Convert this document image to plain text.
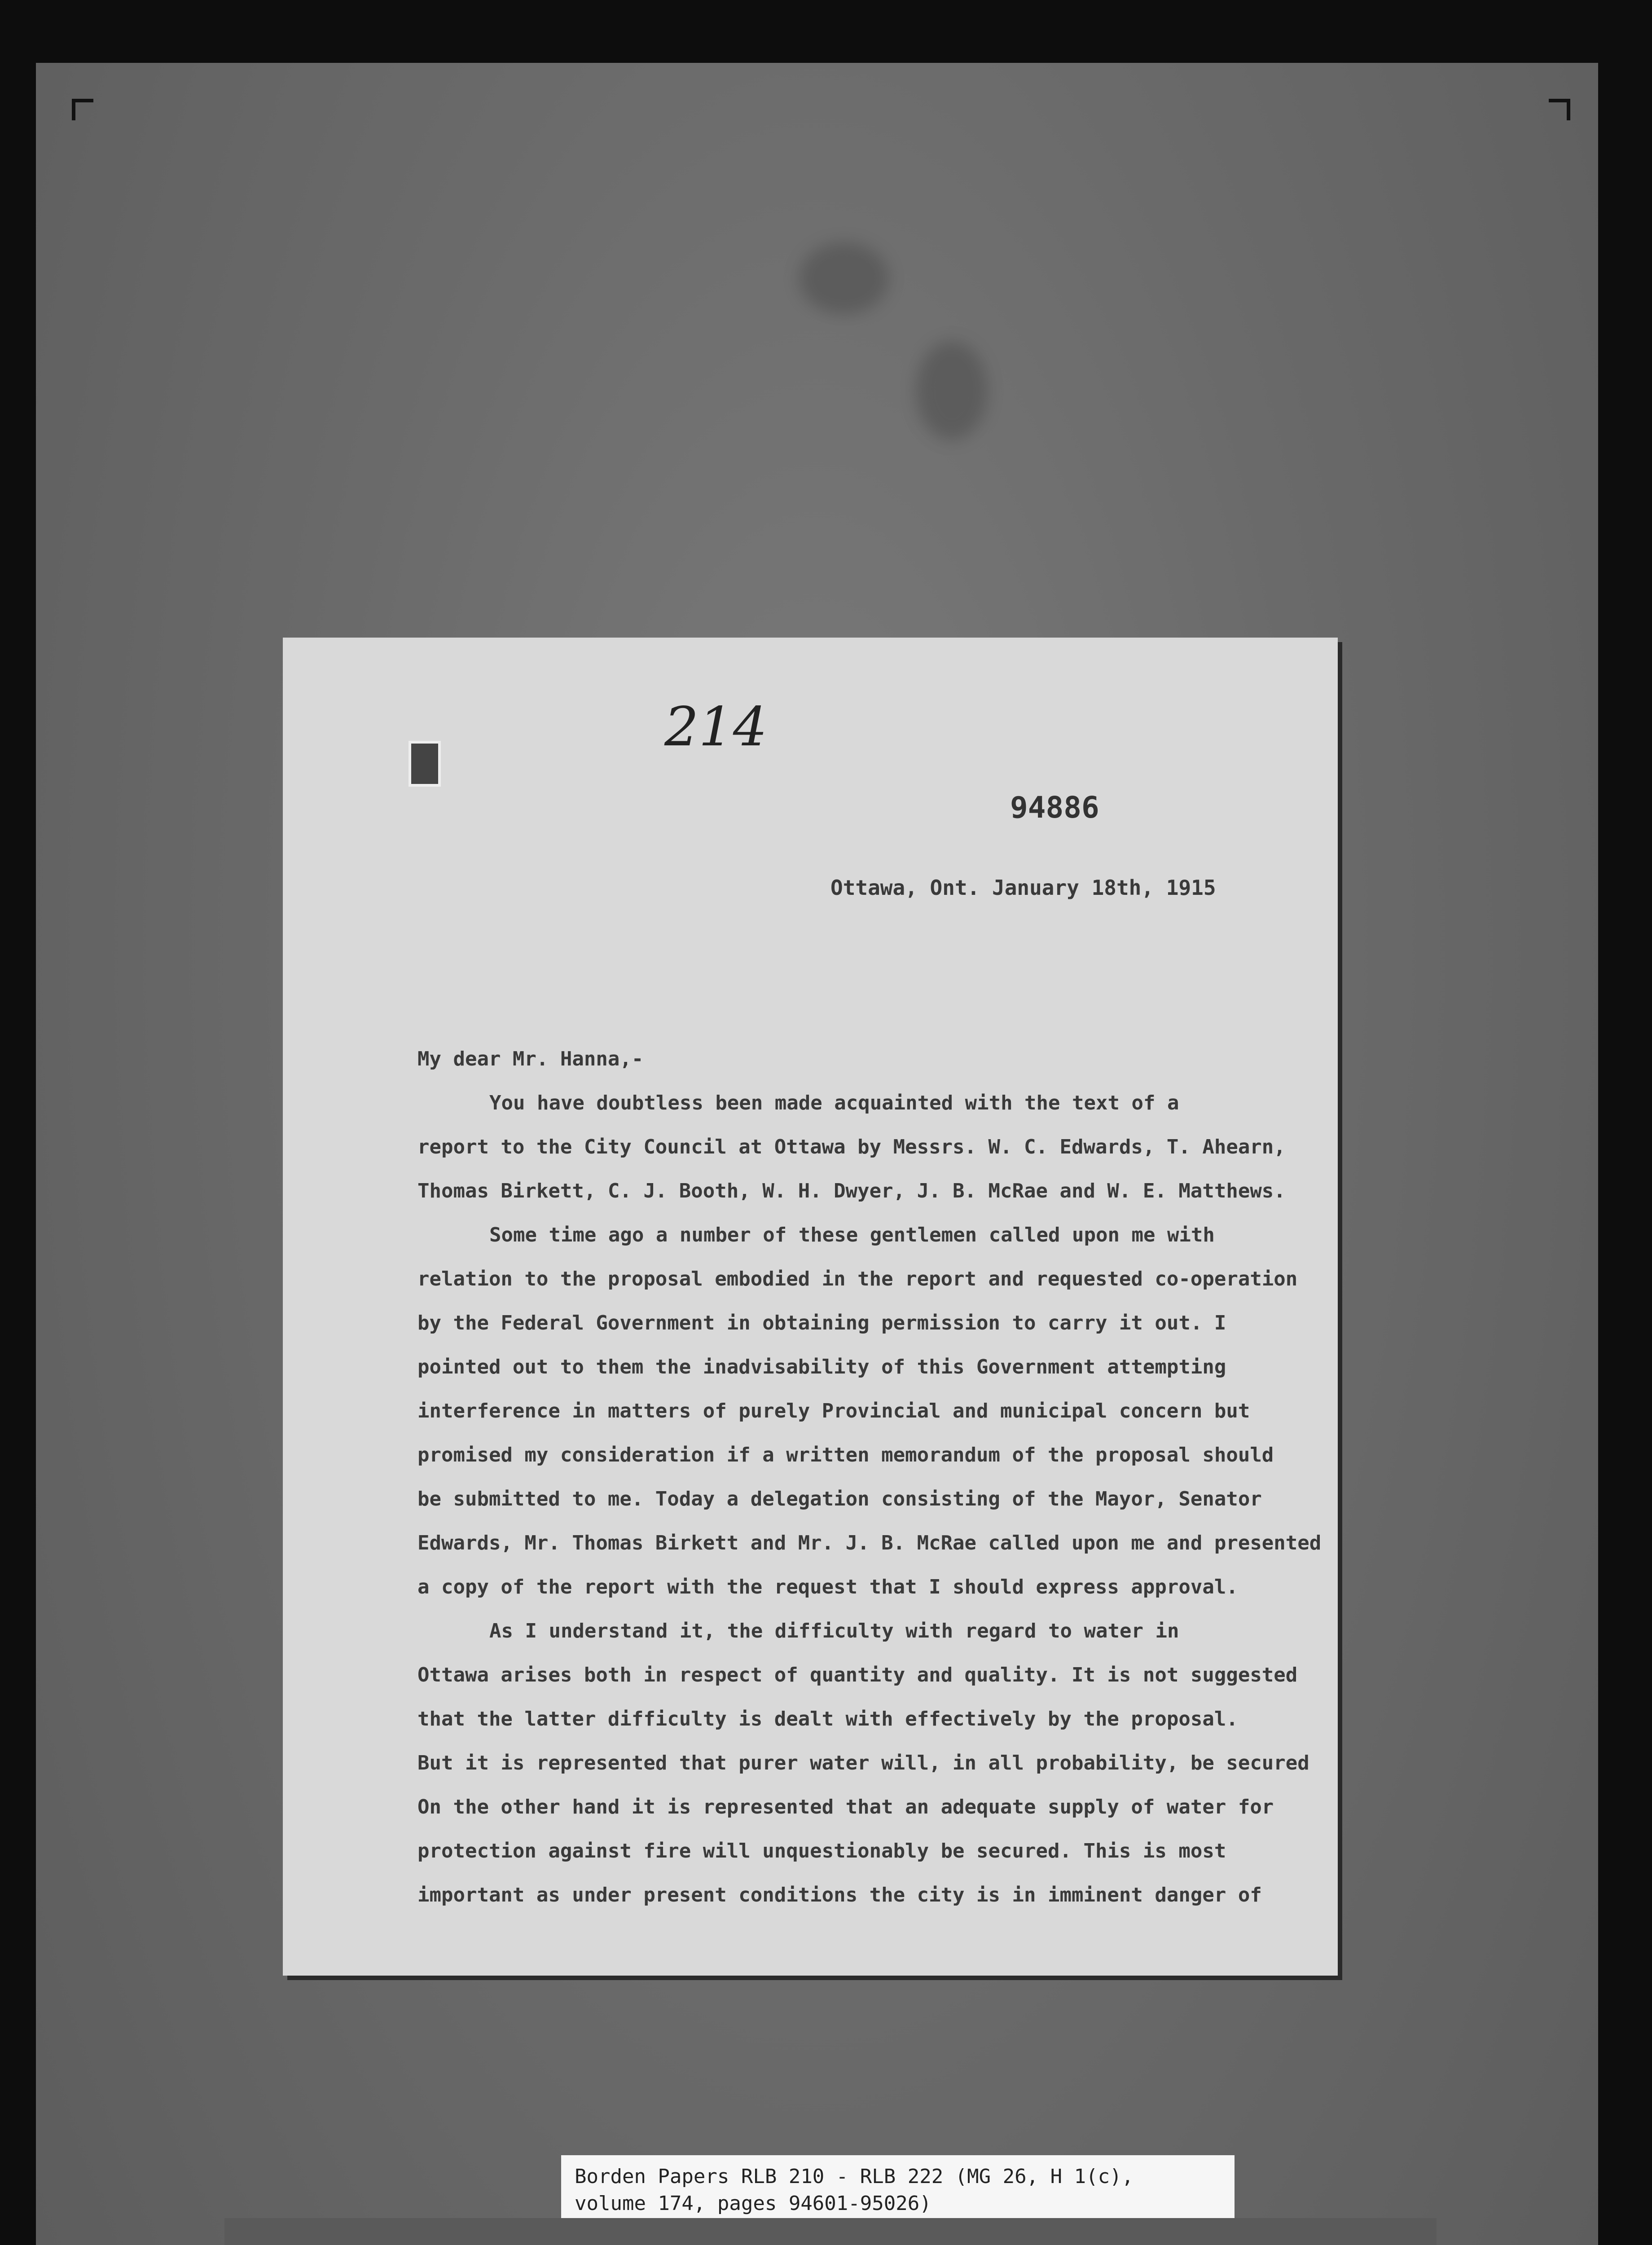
214
94886
Ottawa, Ont. January 18th, 1915
My dear Mr. Hanna,-
You have doubtless been made acquainted with the text of a
report to the City Council at Ottawa by Messrs. W. C. Edwards, T. Ahearn,
Thomas Birkett, C. J. Booth, W. H. Dwyer, J. B. McRae and W. E. Matthews.
Some time ago a number of these gentlemen called upon me with
relation to the proposal embodied in the report and requested co-operation
by the Federal Government in obtaining permission to carry it out. I
pointed out to them the inadvisability of this Government attempting
interference in matters of purely Provincial and municipal concern but
promised my consideration if a written memorandum of the proposal should
be submitted to me. Today a delegation consisting of the Mayor, Senator
Edwards, Mr. Thomas Birkett and Mr. J. B. McRae called upon me and presented
a copy of the report with the request that I should express approval.
As I understand it, the difficulty with regard to water in
Ottawa arises both in respect of quantity and quality. It is not suggested
that the latter difficulty is dealt with effectively by the proposal.
But it is represented that purer water will, in all probability, be secured
On the other hand it is represented that an adequate supply of water for
protection against fire will unquestionably be secured. This is most
important as under present conditions the city is in imminent danger of
Borden Papers RLB 210 - RLB 222 (MG 26, H 1(c),
volume 174, pages 94601-95026)
